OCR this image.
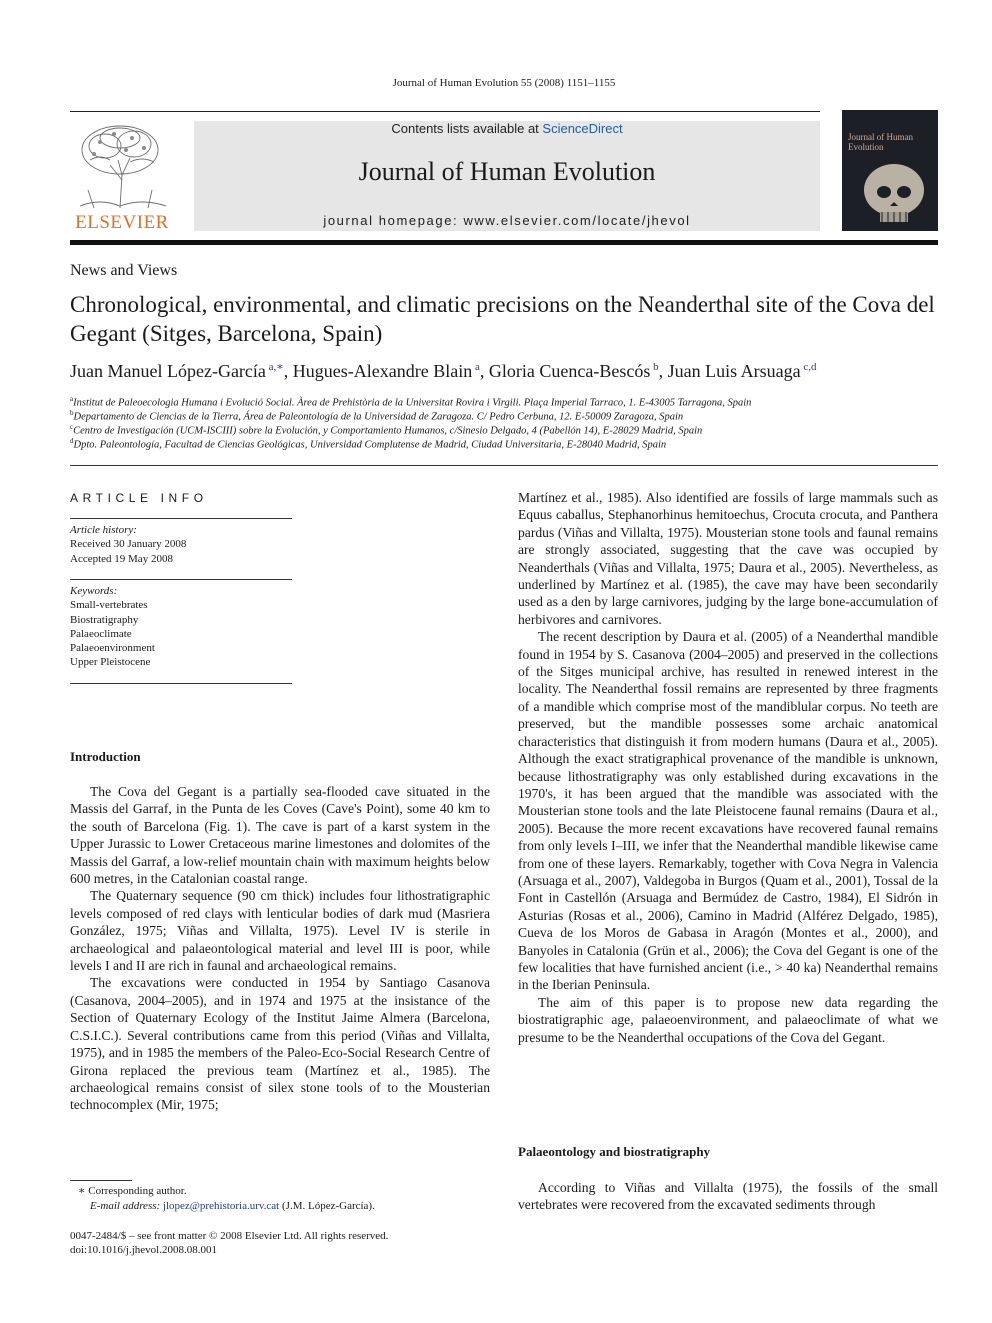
Journal of Human Evolution 55 (2008) 1151–1155
ELSEVIER
Contents lists available at ScienceDirect
Journal of Human Evolution
journal homepage: www.elsevier.com/locate/jhevol
Journal of Human Evolution
News and Views
Chronological, environmental, and climatic precisions on the Neanderthal site of the Cova del Gegant (Sitges, Barcelona, Spain)
Juan Manuel López-García $^{a,∗}$, Hugues-Alexandre Blain $^a$, Gloria Cuenca-Bescós $^b$, Juan Luis Arsuaga $^{c,d}$
$^a$Institut de Paleoecologia Humana i Evolució Social. Àrea de Prehistòria de la Universitat Rovira i Virgili. Plaça Imperial Tarraco, 1. E-43005 Tarragona, Spain
$^b$Departamento de Ciencias de la Tierra, Área de Paleontología de la Universidad de Zaragoza. C/ Pedro Cerbuna, 12. E-50009 Zaragoza, Spain
$^c$Centro de Investigación (UCM-ISCIII) sobre la Evolución, y Comportamiento Humanos, c/Sinesio Delgado, 4 (Pabellón 14), E-28029 Madrid, Spain
$^d$Dpto. Paleontología, Facultad de Ciencias Geológicas, Universidad Complutense de Madrid, Ciudad Universitaria, E-28040 Madrid, Spain
ARTICLE INFO
Article history:
Received 30 January 2008
Accepted 19 May 2008
Keywords:
Small-vertebrates
Biostratigraphy
Palaeoclimate
Palaeoenvironment
Upper Pleistocene
Introduction

The Cova del Gegant is a partially sea-flooded cave situated in the Massis del Garraf, in the Punta de les Coves (Cave's Point), some 40 km to the south of Barcelona (Fig. 1). The cave is part of a karst system in the Upper Jurassic to Lower Cretaceous marine limestones and dolomites of the Massis del Garraf, a low-relief mountain chain with maximum heights below 600 metres, in the Catalonian coastal range.

The Quaternary sequence (90 cm thick) includes four lithostratigraphic levels composed of red clays with lenticular bodies of dark mud (Masriera González, 1975; Viñas and Villalta, 1975). Level IV is sterile in archaeological and palaeontological material and level III is poor, while levels I and II are rich in faunal and archaeological remains.

The excavations were conducted in 1954 by Santiago Casanova (Casanova, 2004–2005), and in 1974 and 1975 at the insistance of the Section of Quaternary Ecology of the Institut Jaime Almera (Barcelona, C.S.I.C.). Several contributions came from this period (Viñas and Villalta, 1975), and in 1985 the members of the Paleo-Eco-Social Research Centre of Girona replaced the previous team (Martínez et al., 1985). The archaeological remains consist of silex stone tools of to the Mousterian technocomplex (Mir, 1975;

Martínez et al., 1985). Also identified are fossils of large mammals such as Equus caballus, Stephanorhinus hemitoechus, Crocuta crocuta, and Panthera pardus (Viñas and Villalta, 1975). Mousterian stone tools and faunal remains are strongly associated, suggesting that the cave was occupied by Neanderthals (Viñas and Villalta, 1975; Daura et al., 2005). Nevertheless, as underlined by Martínez et al. (1985), the cave may have been secondarily used as a den by large carnivores, judging by the large bone-accumulation of herbivores and carnivores.

The recent description by Daura et al. (2005) of a Neanderthal mandible found in 1954 by S. Casanova (2004–2005) and preserved in the collections of the Sitges municipal archive, has resulted in renewed interest in the locality. The Neanderthal fossil remains are represented by three fragments of a mandible which comprise most of the mandiblular corpus. No teeth are preserved, but the mandible possesses some archaic anatomical characteristics that distinguish it from modern humans (Daura et al., 2005). Although the exact stratigraphical provenance of the mandible is unknown, because lithostratigraphy was only established during excavations in the 1970's, it has been argued that the mandible was associated with the Mousterian stone tools and the late Pleistocene faunal remains (Daura et al., 2005). Because the more recent excavations have recovered faunal remains from only levels I–III, we infer that the Neanderthal mandible likewise came from one of these layers. Remarkably, together with Cova Negra in Valencia (Arsuaga et al., 2007), Valdegoba in Burgos (Quam et al., 2001), Tossal de la Font in Castellón (Arsuaga and Bermúdez de Castro, 1984), El Sidrón in Asturias (Rosas et al., 2006), Camino in Madrid (Alférez Delgado, 1985), Cueva de los Moros de Gabasa in Aragón (Montes et al., 2000), and Banyoles in Catalonia (Grün et al., 2006); the Cova del Gegant is one of the few localities that have furnished ancient (i.e., > 40 ka) Neanderthal remains in the Iberian Peninsula.

The aim of this paper is to propose new data regarding the biostratigraphic age, palaeoenvironment, and palaeoclimate of what we presume to be the Neanderthal occupations of the Cova del Gegant.

Palaeontology and biostratigraphy

According to Viñas and Villalta (1975), the fossils of the small vertebrates were recovered from the excavated sediments through

∗ Corresponding author.
E-mail address: jlopez@prehistoria.urv.cat (J.M. López-García).
0047-2484/$ – see front matter © 2008 Elsevier Ltd. All rights reserved.
doi:10.1016/j.jhevol.2008.08.001
